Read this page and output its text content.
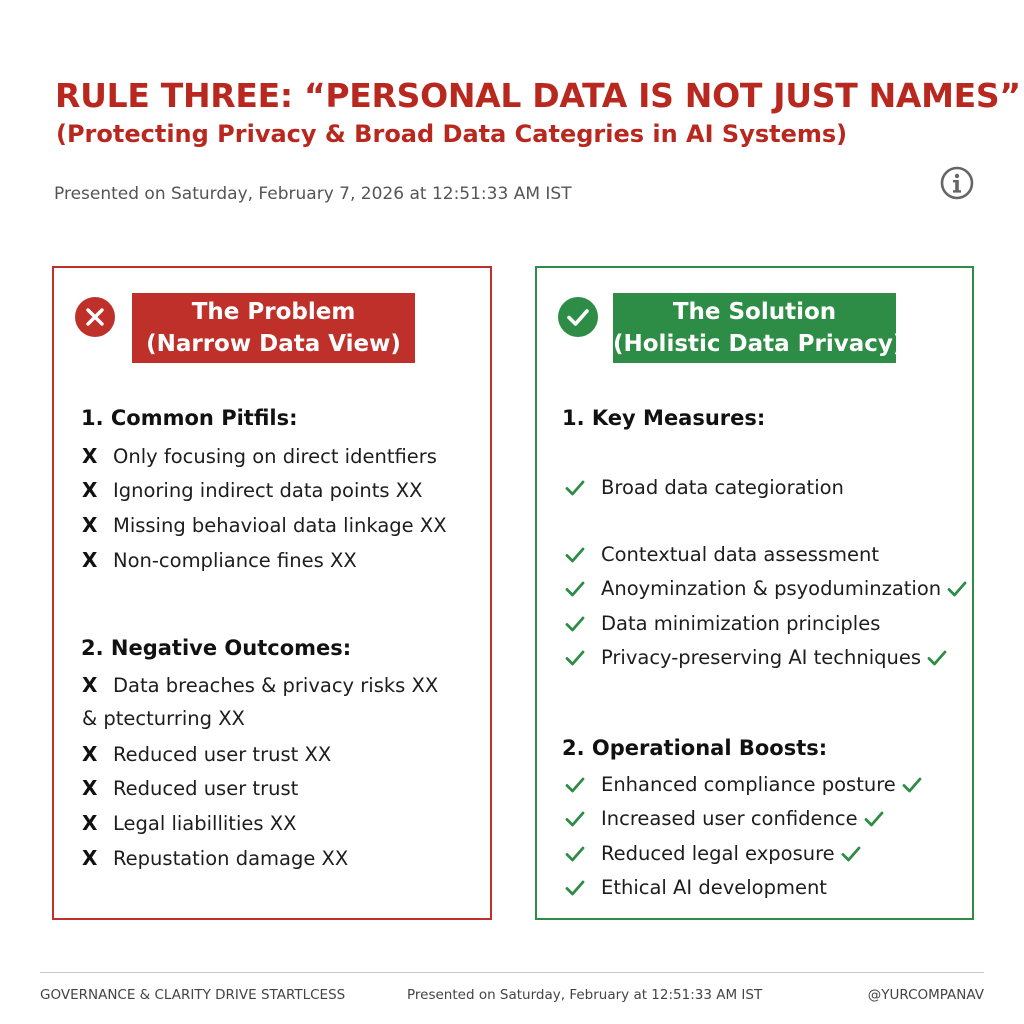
RULE THREE: “PERSONAL DATA IS NOT JUST NAMES”
(Protecting Privacy & Broad Data Categries in AI Systems)
Presented on Saturday, February 7, 2026 at 12:51:33 AM IST
The Problem
(Narrow Data View)
1. Common Pitfils:
X Only focusing on direct identfiers
X Ignoring indirect data points XX
X Missing behavioal data linkage XX
X Non-compliance fines XX
2. Negative Outcomes:
X Data breaches & privacy risks XX
& ptecturring XX
X Reduced user trust XX
X Reduced user trust
X Legal liabillities XX
X Repustation damage XX
The Solution
(Holistic Data Privacy)
1. Key Measures:
Broad data categioration
Contextual data assessment
Anoyminzation & psyoduminzation
Data minimization principles
Privacy-preserving AI techniques
2. Operational Boosts:
Enhanced compliance posture
Increased user confidence
Reduced legal exposure
Ethical AI development
GOVERNANCE & CLARITY DRIVE STARTLCESS	Presented on Saturday, February at 12:51:33 AM IST	@YURCOMPANAV
